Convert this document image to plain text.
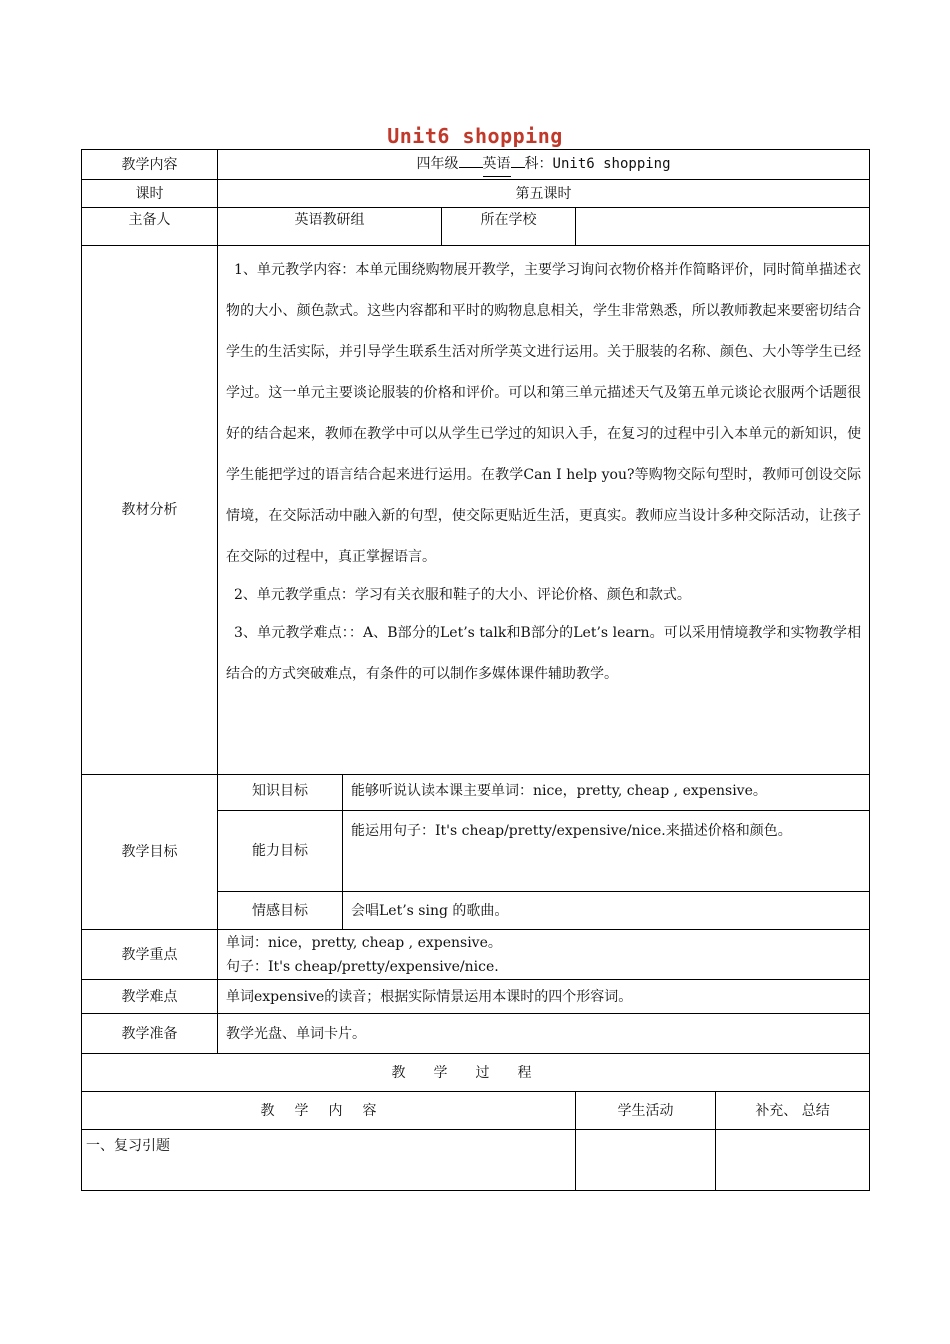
Unit6 shopping
教学内容	四年级 英语 科：Unit6 shopping				
课时	第五课时				
主备人	英语教研组		所在学校		
教材分析	1、单元教学内容：本单元围绕购物展开教学，主要学习询问衣物价格并作简略评价，同时简单描述衣物的大小、颜色款式。这些内容都和平时的购物息息相关，学生非常熟悉，所以教师教起来要密切结合学生的生活实际，并引导学生联系生活对所学英文进行运用。关于服装的名称、颜色、大小等学生已经学过。这一单元主要谈论服装的价格和评价。可以和第三单元描述天气及第五单元谈论衣服两个话题很好的结合起来，教师在教学中可以从学生已学过的知识入手，在复习的过程中引入本单元的新知识，使学生能把学过的语言结合起来进行运用。在教学Can I help you?等购物交际句型时，教师可创设交际情境，在交际活动中融入新的句型，使交际更贴近生活，更真实。教师应当设计多种交际活动，让孩子在交际的过程中，真正掌握语言。

2、单元教学重点：学习有关衣服和鞋子的大小、评论价格、颜色和款式。

3、单元教学难点：：A、B部分的Let’s talk和B部分的Let’s learn。可以采用情境教学和实物教学相结合的方式突破难点，有条件的可以制作多媒体课件辅助教学。				

教学目标	知识目标	能够听说认读本课主要单词：nice，pretty, cheap , expensive。			
	能力目标	能运用句子：It's cheap/pretty/expensive/nice.来描述价格和颜色。			
	情感目标	会唱Let’s sing 的歌曲。			
教学重点	单词：nice，pretty, cheap , expensive。
句子：It's cheap/pretty/expensive/nice.				

教学难点	单词expensive的读音；根据实际情景运用本课时的四个形容词。				
教学准备	教学光盘、单词卡片。				
教学过程					
教学内容				学生活动	补充、 总结
一、复习引题					
